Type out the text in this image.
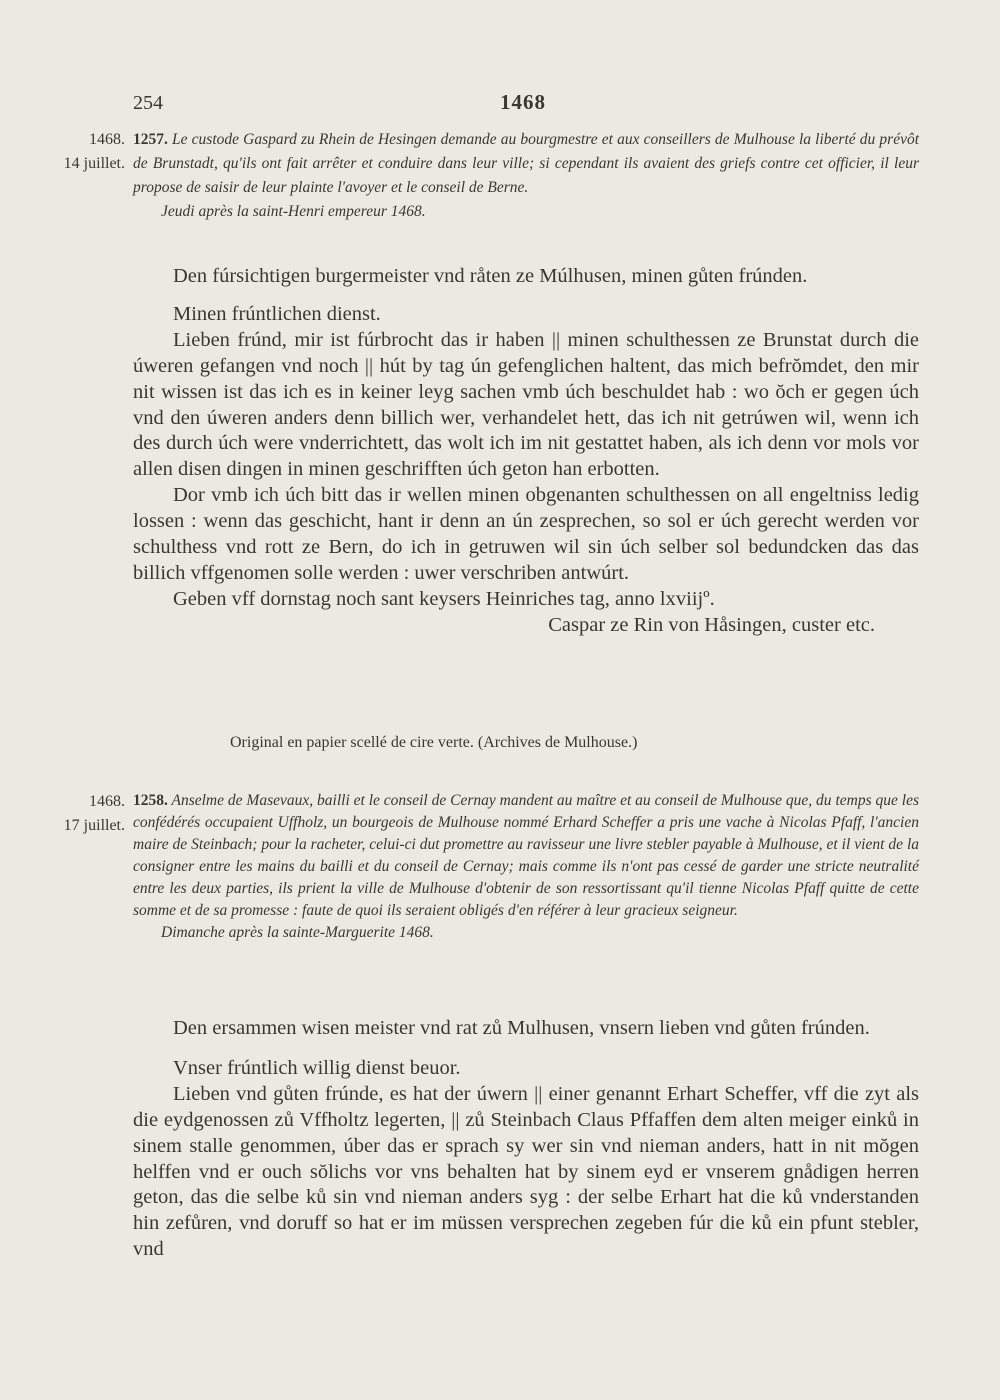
254	1468
1468.
14 juillet.
1257. Le custode Gaspard zu Rhein de Hesingen demande au bourgmestre et aux conseillers de Mulhouse la liberté du prévôt de Brunstadt, qu'ils ont fait arrêter et conduire dans leur ville; si cependant ils avaient des griefs contre cet officier, il leur propose de saisir de leur plainte l'avoyer et le conseil de Berne.
Jeudi après la saint-Henri empereur 1468.

Den fúrsichtigen burgermeister vnd råten ze Múlhusen, minen gůten frúnden.

Minen frúntlichen dienst.

Lieben frúnd, mir ist fúrbrocht das ir haben || minen schulthessen ze Brunstat durch die úweren gefangen vnd noch || hút by tag ún gefenglichen haltent, das mich befrŏmdet, den mir nit wissen ist das ich es in keiner leyg sachen vmb úch beschuldet hab : wo ŏch er gegen úch vnd den úweren anders denn billich wer, verhandelet hett, das ich nit getrúwen wil, wenn ich des durch úch were vnderrichtett, das wolt ich im nit gestattet haben, als ich denn vor mols vor allen disen dingen in minen geschrifften úch geton han erbotten.

Dor vmb ich úch bitt das ir wellen minen obgenanten schulthessen on all engeltniss ledig lossen : wenn das geschicht, hant ir denn an ún zesprechen, so sol er úch gerecht werden vor schulthess vnd rott ze Bern, do ich in getruwen wil sin úch selber sol bedundcken das das billich vffgenomen solle werden : uwer verschriben antwúrt.

Geben vff dornstag noch sant keysers Heinriches tag, anno lxviijº.

Caspar ze Rin von Håsingen, custer etc.

Original en papier scellé de cire verte. (Archives de Mulhouse.)
1468.
17 juillet.
1258. Anselme de Masevaux, bailli et le conseil de Cernay mandent au maître et au conseil de Mulhouse que, du temps que les confédérés occupaient Uffholz, un bourgeois de Mulhouse nommé Erhard Scheffer a pris une vache à Nicolas Pfaff, l'ancien maire de Steinbach; pour la racheter, celui-ci dut promettre au ravisseur une livre stebler payable à Mulhouse, et il vient de la consigner entre les mains du bailli et du conseil de Cernay; mais comme ils n'ont pas cessé de garder une stricte neutralité entre les deux parties, ils prient la ville de Mulhouse d'obtenir de son ressortissant qu'il tienne Nicolas Pfaff quitte de cette somme et de sa promesse : faute de quoi ils seraient obligés d'en référer à leur gracieux seigneur.
Dimanche après la sainte-Marguerite 1468.

Den ersammen wisen meister vnd rat zů Mulhusen, vnsern lieben vnd gůten frúnden.

Vnser frúntlich willig dienst beuor.

Lieben vnd gůten frúnde, es hat der úwern || einer genannt Erhart Scheffer, vff die zyt als die eydgenossen zů Vffholtz legerten, || zů Steinbach Claus Pffaffen dem alten meiger einků in sinem stalle genommen, úber das er sprach sy wer sin vnd nieman anders, hatt in nit mŏgen helffen vnd er ouch sŏlichs vor vns behalten hat by sinem eyd er vnserem gnådigen herren geton, das die selbe ků sin vnd nieman anders syg : der selbe Erhart hat die ků vnderstanden hin zefůren, vnd doruff so hat er im müssen versprechen zegeben fúr die ků ein pfunt stebler, vnd
